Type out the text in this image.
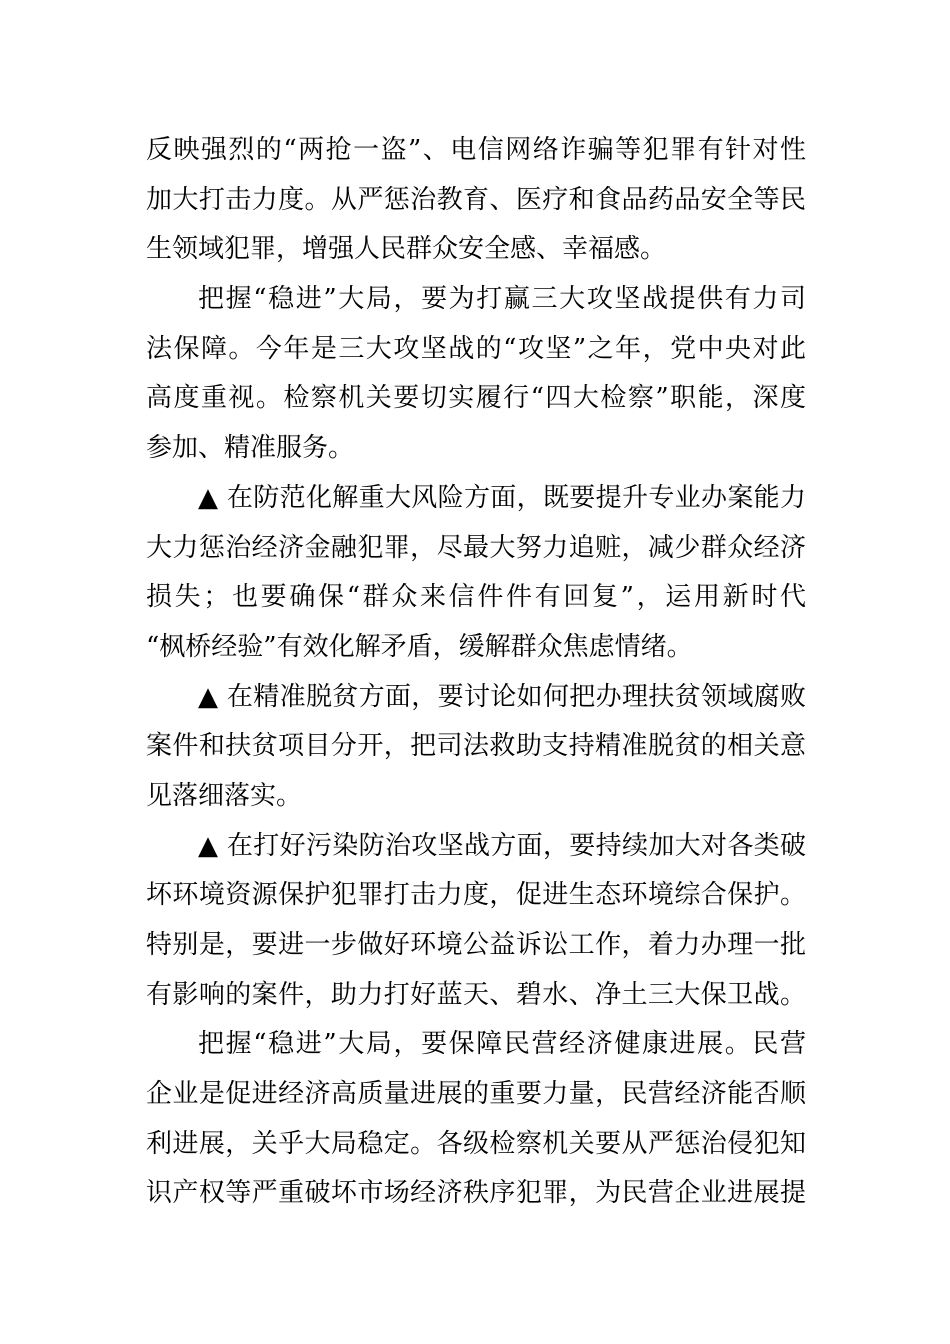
反映强烈的“两抢一盗”、电信网络诈骗等犯罪有针对性
加大打击力度。从严惩治教育、医疗和食品药品安全等民
生领域犯罪，增强人民群众安全感、幸福感。
把握“稳进”大局，要为打赢三大攻坚战提供有力司
法保障。今年是三大攻坚战的“攻坚”之年，党中央对此
高度重视。检察机关要切实履行“四大检察”职能，深度
参加、精准服务。
▲ 在防范化解重大风险方面，既要提升专业办案能力
大力惩治经济金融犯罪，尽最大努力追赃，减少群众经济
损失；也要确保“群众来信件件有回复”，运用新时代
“枫桥经验”有效化解矛盾，缓解群众焦虑情绪。
▲ 在精准脱贫方面，要讨论如何把办理扶贫领域腐败
案件和扶贫项目分开，把司法救助支持精准脱贫的相关意
见落细落实。
▲ 在打好污染防治攻坚战方面，要持续加大对各类破
坏环境资源保护犯罪打击力度，促进生态环境综合保护。
特别是，要进一步做好环境公益诉讼工作，着力办理一批
有影响的案件，助力打好蓝天、碧水、净土三大保卫战。
把握“稳进”大局，要保障民营经济健康进展。民营
企业是促进经济高质量进展的重要力量，民营经济能否顺
利进展，关乎大局稳定。各级检察机关要从严惩治侵犯知
识产权等严重破坏市场经济秩序犯罪，为民营企业进展提
